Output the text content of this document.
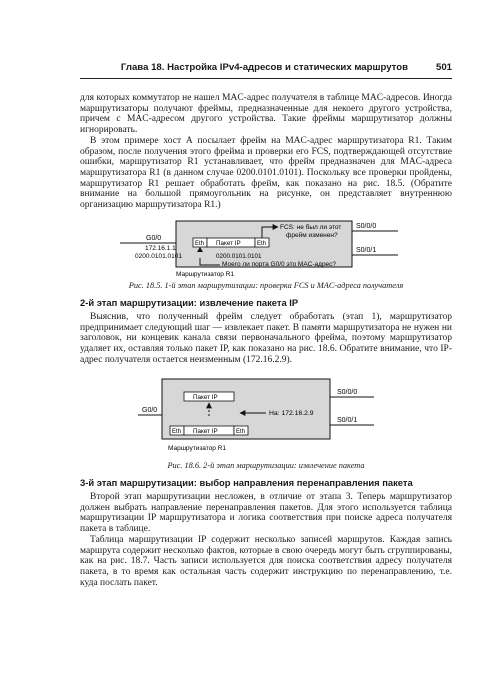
Глава 18. Настройка IPv4-адресов и статических маршрутов	501

для которых коммутатор не нашел MAC-адрес получателя в таблице MAC-адресов. Иногда маршрутизаторы получают фреймы, предназначенные для некоего другого устройства, причем с MAC-адресом другого устройства. Такие фреймы маршрутизатор должны игнорировать.

В этом примере хост А посылает фрейм на MAC-адрес маршрутизатора R1. Таким образом, после получения этого фрейма и проверки его FCS, подтверждающей отсутствие ошибки, маршрутизатор R1 устанавливает, что фрейм предназначен для MAC-адреса маршрутизатора R1 (в данном случае 0200.0101.0101). Поскольку все проверки пройдены, маршрутизатор R1 решает обработать фрейм, как показано на рис. 18.5. (Обратите внимание на большой прямоугольник на рисунке, он представляет внутреннюю организацию маршрутизатора R1.)

G0/0
172.16.1.1
0200.0101.0101
S0/0/0
S0/0/1
Eth Пакет IP	Eth
FCS: не был ли этот
фрейм изменен?
0200.0101.0101
Моего ли порта G0/0 это MAC-адрес?
Маршрутизатор R1
Рис. 18.5. 1-й этап маршрутизации: проверка FCS и MAC-адреса получателя
2-й этап маршрутизации: извлечение пакета IP

Выяснив, что полученный фрейм следует обработать (этап 1), маршрутизатор предпринимает следующий шаг — извлекает пакет. В памяти маршрутизатора не нужен ни заголовок, ни концевик канала связи первоначального фрейма, поэтому маршрутизатор удаляет их, оставляя только пакет IP, как показано на рис. 18.6. Обратите внимание, что IP-адрес получателя остается неизменным (172.16.2.9).

G0/0
S0/0/0
S0/0/1
Пакет IP
На: 172.16.2.9
Eth Пакет IP	Eth
Маршрутизатор R1
Рис. 18.6. 2-й этап маршрутизации: извлечение пакета
3-й этап маршрутизации: выбор направления перенаправления пакета

Второй этап маршрутизации несложен, в отличие от этапа 3. Теперь маршрутизатор должен выбрать направление перенаправления пакетов. Для этого используется таблица маршрутизации IP маршрутизатора и логика соответствия при поиске адреса получателя пакета в таблице.

Таблица маршрутизации IP содержит несколько записей маршрутов. Каждая запись маршрута содержит несколько фактов, которые в свою очередь могут быть сгруппированы, как на рис. 18.7. Часть записи используется для поиска соответствия адресу получателя пакета, в то время как остальная часть содержит инструкцию по перенаправлению, т.е. куда послать пакет.
